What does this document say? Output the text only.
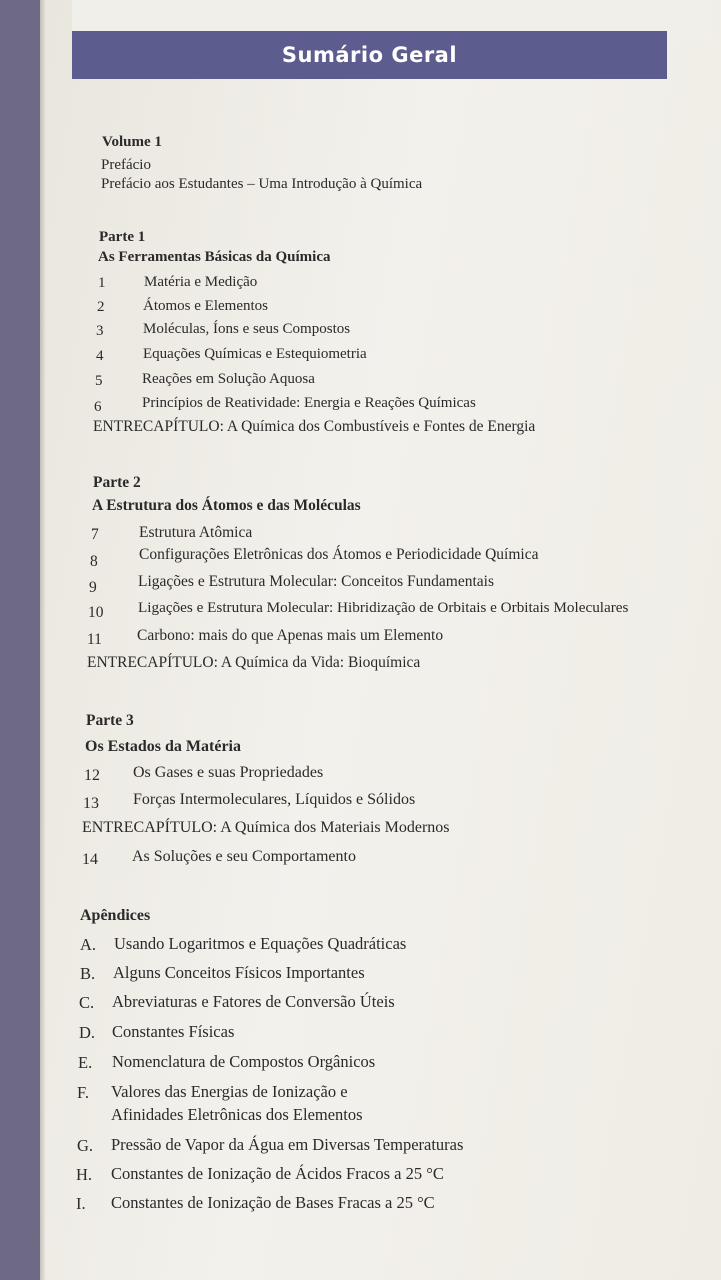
Sumário Geral
Volume 1
Prefácio
Prefácio aos Estudantes – Uma Introdução à Química
Parte 1
As Ferramentas Básicas da Química
1	Matéria e Medição
2	Átomos e Elementos
3	Moléculas, Íons e seus Compostos
4	Equações Químicas e Estequiometria
5	Reações em Solução Aquosa
6	Princípios de Reatividade: Energia e Reações Químicas
ENTRECAPÍTULO: A Química dos Combustíveis e Fontes de Energia
Parte 2
A Estrutura dos Átomos e das Moléculas
7	Estrutura Atômica
8	Configurações Eletrônicas dos Átomos e Periodicidade Química
9	Ligações e Estrutura Molecular: Conceitos Fundamentais
10 Ligações e Estrutura Molecular: Hibridização de Orbitais e Orbitais Moleculares
11 Carbono: mais do que Apenas mais um Elemento
ENTRECAPÍTULO: A Química da Vida: Bioquímica
Parte 3
Os Estados da Matéria
12 Os Gases e suas Propriedades
13 Forças Intermoleculares, Líquidos e Sólidos
ENTRECAPÍTULO: A Química dos Materiais Modernos
14 As Soluções e seu Comportamento
Apêndices
A. Usando Logaritmos e Equações Quadráticas
B. Alguns Conceitos Físicos Importantes
C. Abreviaturas e Fatores de Conversão Úteis
D. Constantes Físicas
E. Nomenclatura de Compostos Orgânicos
F. Valores das Energias de Ionização e
Afinidades Eletrônicas dos Elementos
G. Pressão de Vapor da Água em Diversas Temperaturas
H. Constantes de Ionização de Ácidos Fracos a 25 °C
I. Constantes de Ionização de Bases Fracas a 25 °C
